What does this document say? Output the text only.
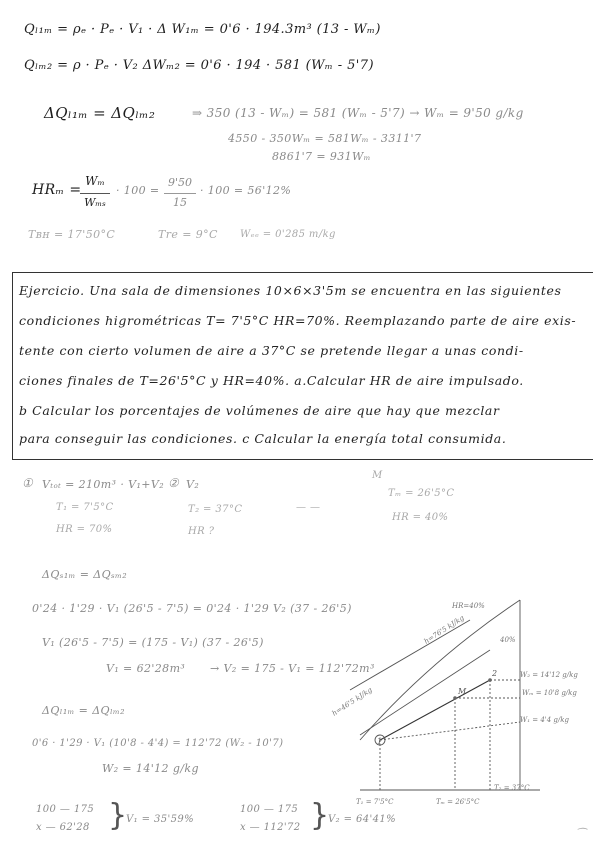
Qₗ₁ₘ = ρₑ · Pₑ · V₁ · Δ W₁ₘ = 0'6 · 194.3m³ (13 - Wₘ)
Qₗₘ₂ = ρ · Pₑ · V₂ ΔWₘ₂ = 0'6 · 194 · 581 (Wₘ - 5'7)
ΔQₗ₁ₘ = ΔQₗₘ₂	⇒ 350 (13 - Wₘ) = 581 (Wₘ - 5'7) → Wₘ = 9'50 g/kg
4550 - 350Wₘ = 581Wₘ - 3311'7
8861'7 = 931Wₘ
HRₘ =
Wₘ
Wₘₛ
· 100 =
9'50
15
· 100 = 56'12%
Tʙʜ = 17'50°C	Tre = 9°C Wₑₑ = 0'285 m/kg
Ejercicio. Una sala de dimensiones 10×6×3'5m se encuentra en las siguientes
condiciones higrométricas T= 7'5°C HR=70%. Reemplazando parte de aire exis-
tente con cierto volumen de aire a 37°C se pretende llegar a unas condi-
ciones finales de T=26'5°C y HR=40%. a.Calcular HR de aire impulsado.
b Calcular los porcentajes de volúmenes de aire que hay que mezclar
para conseguir las condiciones. c Calcular la energía total consumida.
① Vₜₒₜ = 210m³ · V₁+V₂ ② V₂
M
T₁ = 7'5°C	T₂ = 37°C	— —
Tₘ = 26'5°C
HR = 70%	HR ?
HR = 40%
ΔQₛ₁ₘ = ΔQₛₘ₂
0'24 · 1'29 · V₁ (26'5 - 7'5) = 0'24 · 1'29 V₂ (37 - 26'5)
V₁ (26'5 - 7'5) = (175 - V₁) (37 - 26'5)
V₁ = 62'28m³ → V₂ = 175 - V₁ = 112'72m³
ΔQₗ₁ₘ = ΔQₗₘ₂
0'6 · 1'29 · V₁ (10'8 - 4'4) = 112'72 (W₂ - 10'7)
W₂ = 14'12 g/kg
100 — 175
x — 62'28 }
V₁ = 35'59%
100 — 175
x — 112'72 }
V₂ = 64'41%
HR=40%
40%
W₂ = 14'12 g/kg
Wₘ = 10'8 g/kg
W₁ = 4'4 g/kg
h=76'5 kJ/kg
h=46'5 kJ/kg
T₁ = 7'5°C	Tₘ = 26'5°C
T₂ = 37°C
1
M
2
⁀
